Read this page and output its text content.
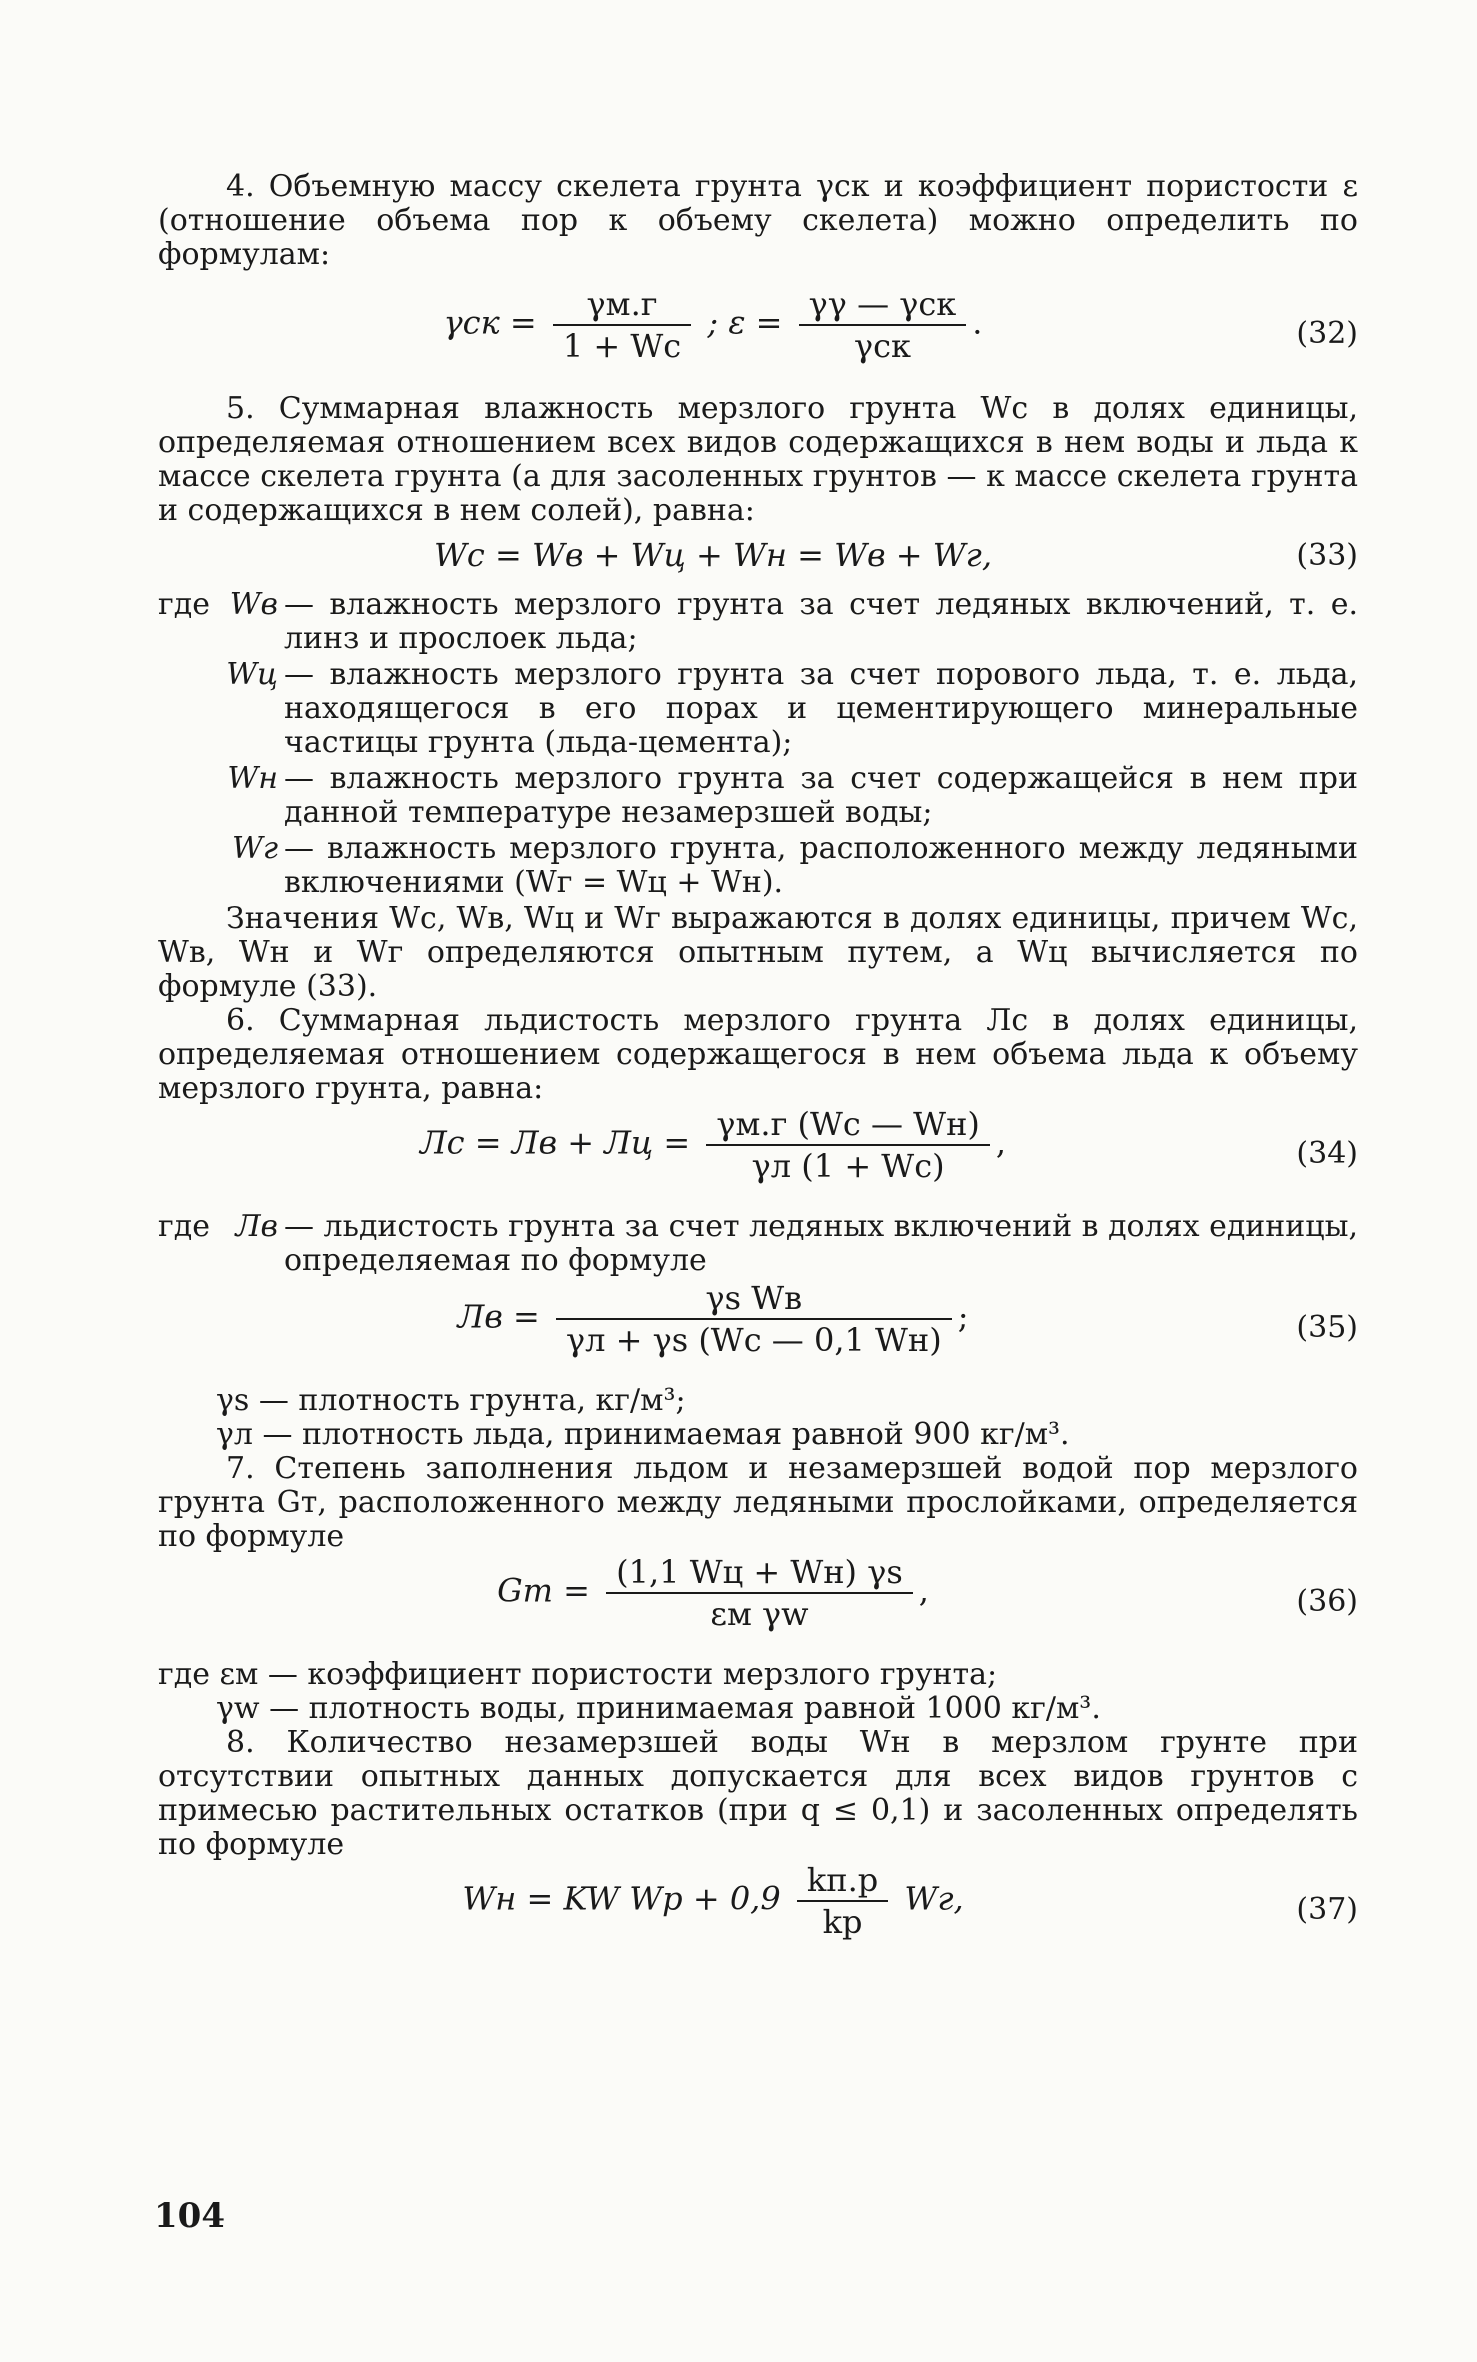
4. Объемную массу скелета грунта γск и коэффициент пористости ε (отношение объема пор к объему скелета) можно определить по формулам:

$\gamma ск = \frac{\gamma м.г}{1 + Wс}$ ; $\varepsilon = \frac{\text{γγ — γск}}{\text{γск}}$ .	(32)

5. Суммарная влажность мерзлого грунта Wс в долях единицы, определяемая отношением всех видов содержащихся в нем воды и льда к массе скелета грунта (а для засоленных грунтов — к массе скелета грунта и содержащихся в нем солей), равна:

Wс = Wв + Wц + Wн = Wв + Wг,	(33)
где Wв — влажность мерзлого грунта за счет ледяных включений, т. е. линз и прослоек льда;
Wц — влажность мерзлого грунта за счет порового льда, т. е. льда, находящегося в его порах и цементирующего минеральные частицы грунта (льда-цемента);
Wн — влажность мерзлого грунта за счет содержащейся в нем при данной температуре незамерзшей воды;
Wг — влажность мерзлого грунта, расположенного между ледяными включениями (Wг = Wц + Wн).

Значения Wс, Wв, Wц и Wг выражаются в долях единицы, причем Wс, Wв, Wн и Wг определяются опытным путем, а Wц вычисляется по формуле (33).

6. Суммарная льдистость мерзлого грунта Лс в долях единицы, определяемая отношением содержащегося в нем объема льда к объему мерзлого грунта, равна:

Лс = Лв + Лц = $\frac{\gamma м.г (Wс — Wн)}{\gamma л (1 + Wс)}$ ,	(34)
где Лв — льдистость грунта за счет ледяных включений в долях единицы, определяемая по формуле
Лв = $\frac{\text{γs Wв}}{\gamma л + \gamma s (Wс — 0,1 Wн)}$ ;	(35)

γs — плотность грунта, кг/м³;

γл — плотность льда, принимаемая равной 900 кг/м³.

7. Степень заполнения льдом и незамерзшей водой пор мерзлого грунта Gт, расположенного между ледяными прослойками, определяется по формуле

Gт = $\frac{(1,1 Wц + Wн) \gamma s}{\text{εм γw}}$ ,	(36)

где εм — коэффициент пористости мерзлого грунта;

γw — плотность воды, принимаемая равной 1000 кг/м³.

8. Количество незамерзшей воды Wн в мерзлом грунте при отсутствии опытных данных допускается для всех видов грунтов с примесью растительных остатков (при q ≤ 0,1) и засоленных определять по формуле

Wн = KW Wр + $0,9 \frac{kп.р}{kр}$ Wг,	(37)
104
